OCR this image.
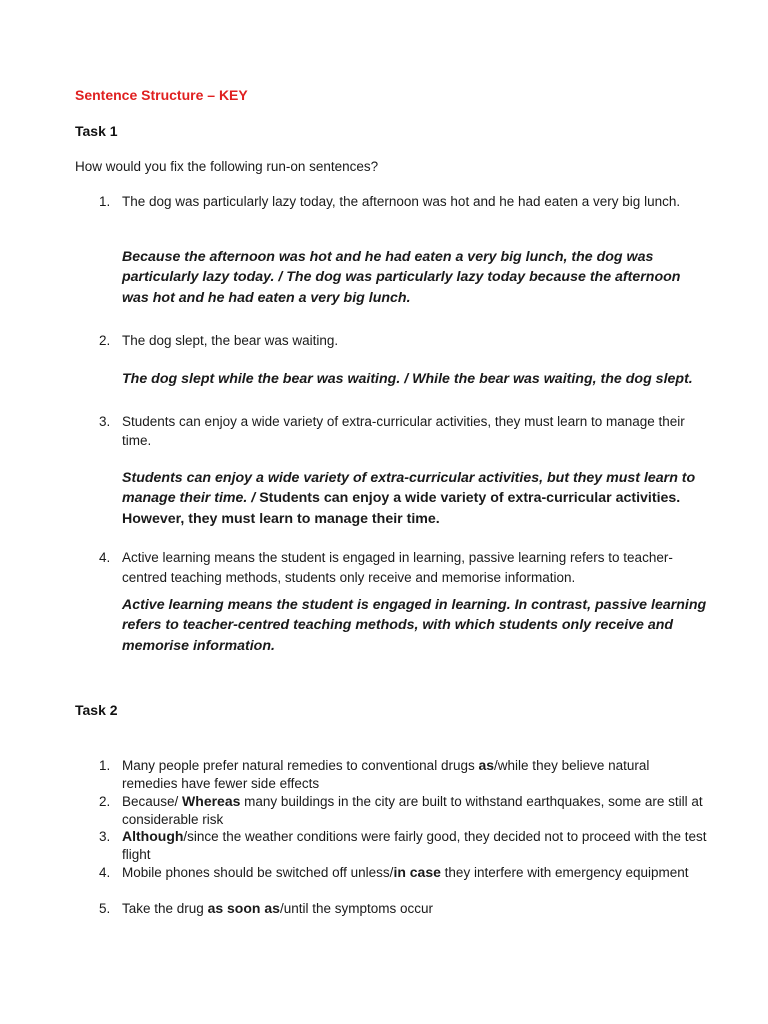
Sentence Structure – KEY
Task 1
How would you fix the following run-on sentences?
1. The dog was particularly lazy today, the afternoon was hot and he had eaten a very big lunch.
Because the afternoon was hot and he had eaten a very big lunch, the dog was particularly lazy today. / The dog was particularly lazy today because the afternoon was hot and he had eaten a very big lunch.
2. The dog slept, the bear was waiting.
The dog slept while the bear was waiting. / While the bear was waiting, the dog slept.
3. Students can enjoy a wide variety of extra-curricular activities, they must learn to manage their time.
Students can enjoy a wide variety of extra-curricular activities, but they must learn to manage their time. / Students can enjoy a wide variety of extra-curricular activities. However, they must learn to manage their time.
4. Active learning means the student is engaged in learning, passive learning refers to teacher-centred teaching methods, students only receive and memorise information.
Active learning means the student is engaged in learning. In contrast, passive learning refers to teacher-centred teaching methods, with which students only receive and memorise information.
Task 2
1. Many people prefer natural remedies to conventional drugs as/while they believe natural remedies have fewer side effects
2. Because/ Whereas many buildings in the city are built to withstand earthquakes, some are still at considerable risk
3. Although/since the weather conditions were fairly good, they decided not to proceed with the test flight
4. Mobile phones should be switched off unless/in case they interfere with emergency equipment
5. Take the drug as soon as/until the symptoms occur
